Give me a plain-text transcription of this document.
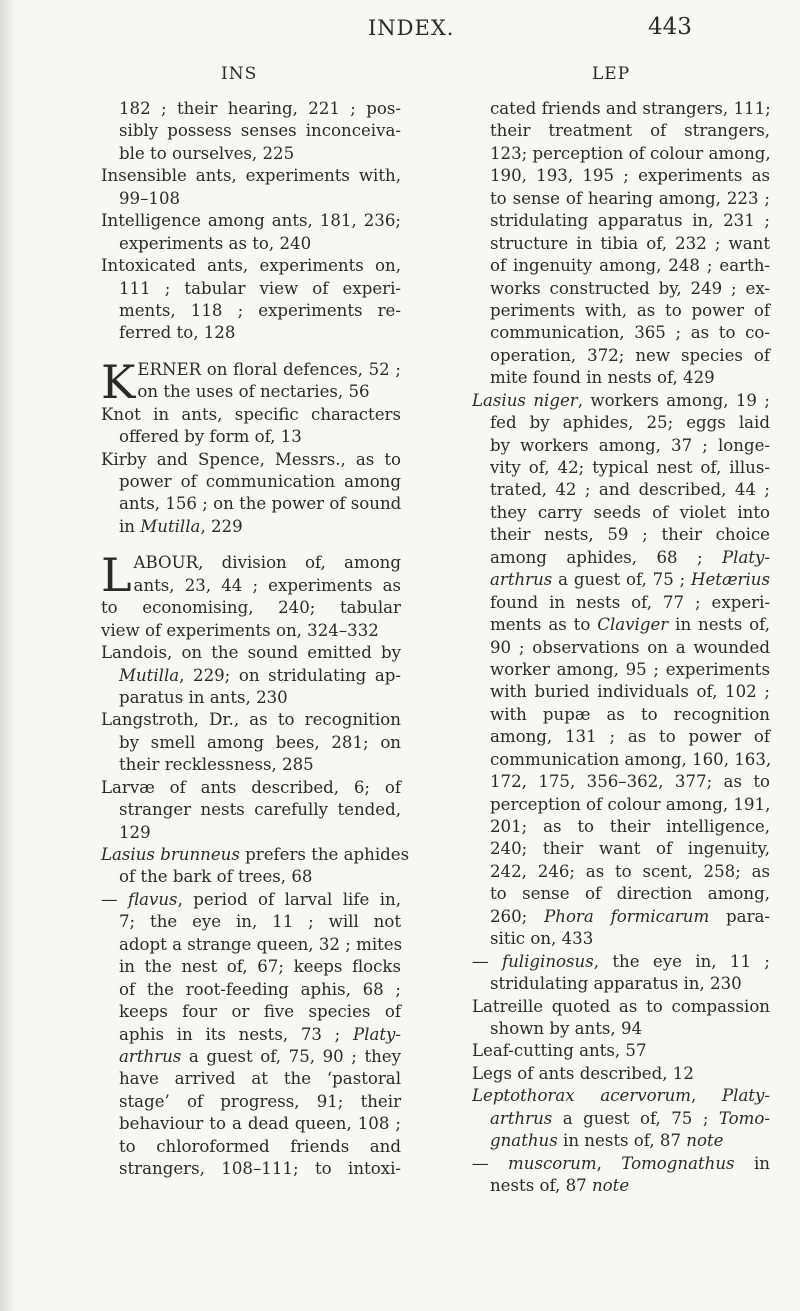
INDEX.	443
INS	LEP
182 ; their hearing, 221 ; pos-
sibly possess senses inconceiva-
ble to ourselves, 225
Insensible ants, experiments with,
99–108
Intelligence among ants, 181, 236;
experiments as to, 240
Intoxicated ants, experiments on,
111 ; tabular view of experi-
ments, 118 ; experiments re-
ferred to, 128
K ERNER on floral defences, 52 ;
on the uses of nectaries, 56
Knot in ants, specific characters
offered by form of, 13
Kirby and Spence, Messrs., as to
power of communication among
ants, 156 ; on the power of sound
in Mutilla, 229
L ABOUR, division of, among
ants, 23, 44 ; experiments as
to economising, 240; tabular
view of experiments on, 324–332
Landois, on the sound emitted by
Mutilla, 229; on stridulating ap-
paratus in ants, 230
Langstroth, Dr., as to recognition
by smell among bees, 281; on
their recklessness, 285
Larvæ of ants described, 6; of
stranger nests carefully tended,
129
Lasius brunneus prefers the aphides
of the bark of trees, 68
— flavus, period of larval life in,
7; the eye in, 11 ; will not
adopt a strange queen, 32 ; mites
in the nest of, 67; keeps flocks
of the root-feeding aphis, 68 ;
keeps four or five species of
aphis in its nests, 73 ; Platy-
arthrus a guest of, 75, 90 ; they
have arrived at the ‘pastoral
stage’ of progress, 91; their
behaviour to a dead queen, 108 ;
to chloroformed friends and
strangers, 108–111; to intoxi-
cated friends and strangers, 111;
their treatment of strangers,
123; perception of colour among,
190, 193, 195 ; experiments as
to sense of hearing among, 223 ;
stridulating apparatus in, 231 ;
structure in tibia of, 232 ; want
of ingenuity among, 248 ; earth-
works constructed by, 249 ; ex-
periments with, as to power of
communication, 365 ; as to co-
operation, 372; new species of
mite found in nests of, 429
Lasius niger, workers among, 19 ;
fed by aphides, 25; eggs laid
by workers among, 37 ; longe-
vity of, 42; typical nest of, illus-
trated, 42 ; and described, 44 ;
they carry seeds of violet into
their nests, 59 ; their choice
among aphides, 68 ; Platy-
arthrus a guest of, 75 ; Hetærius
found in nests of, 77 ; experi-
ments as to Claviger in nests of,
90 ; observations on a wounded
worker among, 95 ; experiments
with buried individuals of, 102 ;
with pupæ as to recognition
among, 131 ; as to power of
communication among, 160, 163,
172, 175, 356–362, 377; as to
perception of colour among, 191,
201; as to their intelligence,
240; their want of ingenuity,
242, 246; as to scent, 258; as
to sense of direction among,
260; Phora formicarum para-
sitic on, 433
— fuliginosus, the eye in, 11 ;
stridulating apparatus in, 230
Latreille quoted as to compassion
shown by ants, 94
Leaf-cutting ants, 57
Legs of ants described, 12
Leptothorax acervorum, Platy-
arthrus a guest of, 75 ; Tomo-
gnathus in nests of, 87 note
— muscorum, Tomognathus in
nests of, 87 note
